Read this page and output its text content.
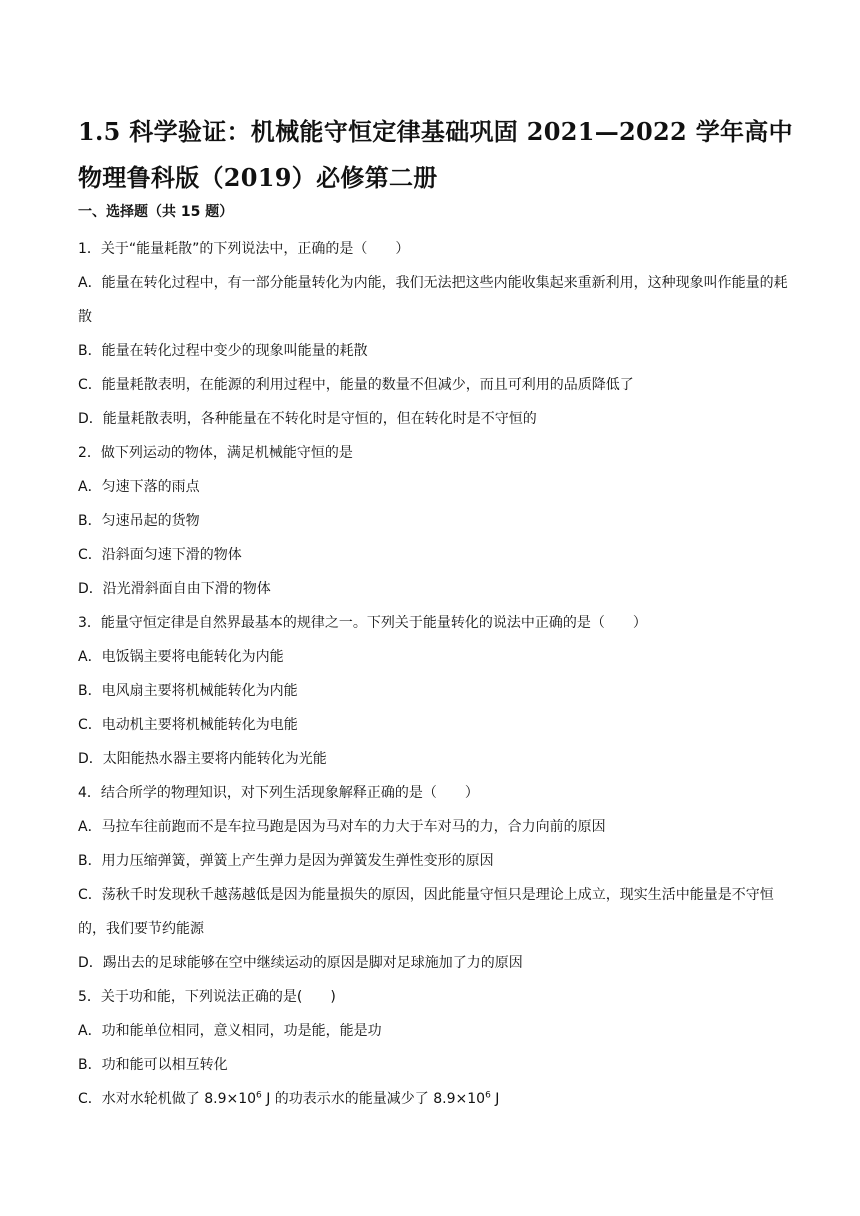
1.5 科学验证：机械能守恒定律基础巩固 2021—2022 学年高中物理鲁科版（2019）必修第二册
一、选择题（共 15 题）

1．关于“能量耗散”的下列说法中，正确的是（　　）

A．能量在转化过程中，有一部分能量转化为内能，我们无法把这些内能收集起来重新利用，这种现象叫作能量的耗散

B．能量在转化过程中变少的现象叫能量的耗散

C．能量耗散表明，在能源的利用过程中，能量的数量不但减少，而且可利用的品质降低了

D．能量耗散表明，各种能量在不转化时是守恒的，但在转化时是不守恒的

2．做下列运动的物体，满足机械能守恒的是

A．匀速下落的雨点

B．匀速吊起的货物

C．沿斜面匀速下滑的物体

D．沿光滑斜面自由下滑的物体

3．能量守恒定律是自然界最基本的规律之一。下列关于能量转化的说法中正确的是（　　）

A．电饭锅主要将电能转化为内能

B．电风扇主要将机械能转化为内能

C．电动机主要将机械能转化为电能

D．太阳能热水器主要将内能转化为光能

4．结合所学的物理知识，对下列生活现象解释正确的是（　　）

A．马拉车往前跑而不是车拉马跑是因为马对车的力大于车对马的力，合力向前的原因

B．用力压缩弹簧，弹簧上产生弹力是因为弹簧发生弹性变形的原因

C．荡秋千时发现秋千越荡越低是因为能量损失的原因，因此能量守恒只是理论上成立，现实生活中能量是不守恒的，我们要节约能源

D．踢出去的足球能够在空中继续运动的原因是脚对足球施加了力的原因

5．关于功和能，下列说法正确的是(　　)

A．功和能单位相同，意义相同，功是能，能是功

B．功和能可以相互转化

C．水对水轮机做了 $8.9\times 10^6$ J 的功表示水的能量减少了 $8.9\times 10^6$ J
